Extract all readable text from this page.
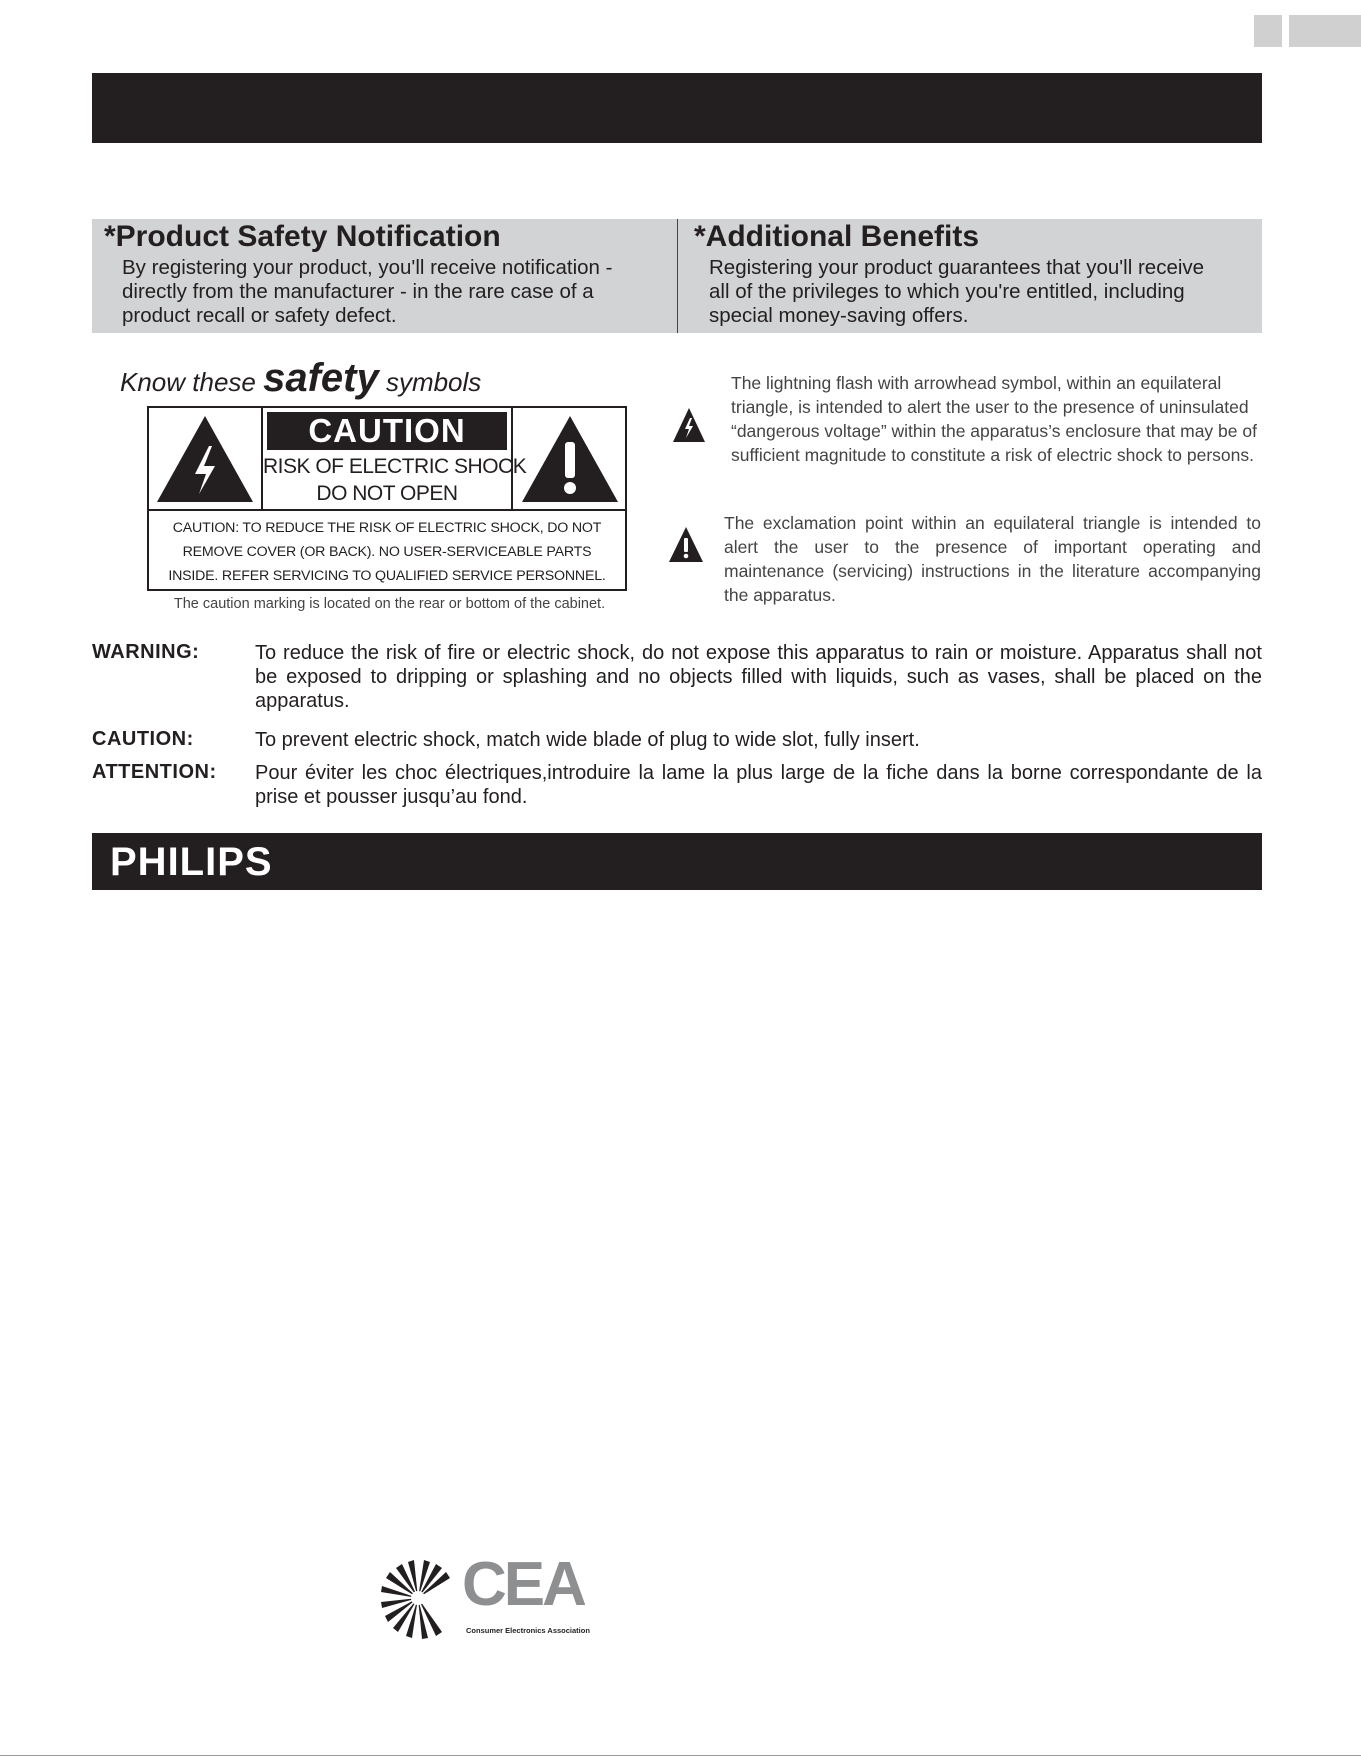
*Product Safety Notification
By registering your product, you'll receive notification -
directly from the manufacturer - in the rare case of a
product recall or safety defect.
*Additional Benefits
Registering your product guarantees that you'll receive
all of the privileges to which you're entitled, including
special money-saving offers.
Know these safety symbols
CAUTION
RISK OF ELECTRIC SHOCK
DO NOT OPEN
CAUTION: TO REDUCE THE RISK OF ELECTRIC SHOCK, DO NOT
REMOVE COVER (OR BACK). NO USER-SERVICEABLE PARTS
INSIDE. REFER SERVICING TO QUALIFIED SERVICE PERSONNEL.
The caution marking is located on the rear or bottom of the cabinet.
The lightning flash with arrowhead symbol, within an equilateral triangle, is intended to alert the user to the presence of uninsulated “dangerous voltage” within the apparatus’s enclosure that may be of sufficient magnitude to constitute a risk of electric shock to persons.
The exclamation point within an equilateral triangle is intended to alert the user to the presence of important operating and maintenance (servicing) instructions in the literature accompanying the apparatus.
WARNING:	To reduce the risk of fire or electric shock, do not expose this apparatus to rain or moisture. Apparatus shall not be exposed to dripping or splashing and no objects filled with liquids, such as vases, shall be placed on the apparatus.
CAUTION:	To prevent electric shock, match wide blade of plug to wide slot, fully insert.
ATTENTION: Pour éviter les choc électriques,introduire la lame la plus large de la fiche dans la borne correspondante de la prise et pousser jusqu’au fond.
PHILIPS
CEA
Consumer Electronics Association
